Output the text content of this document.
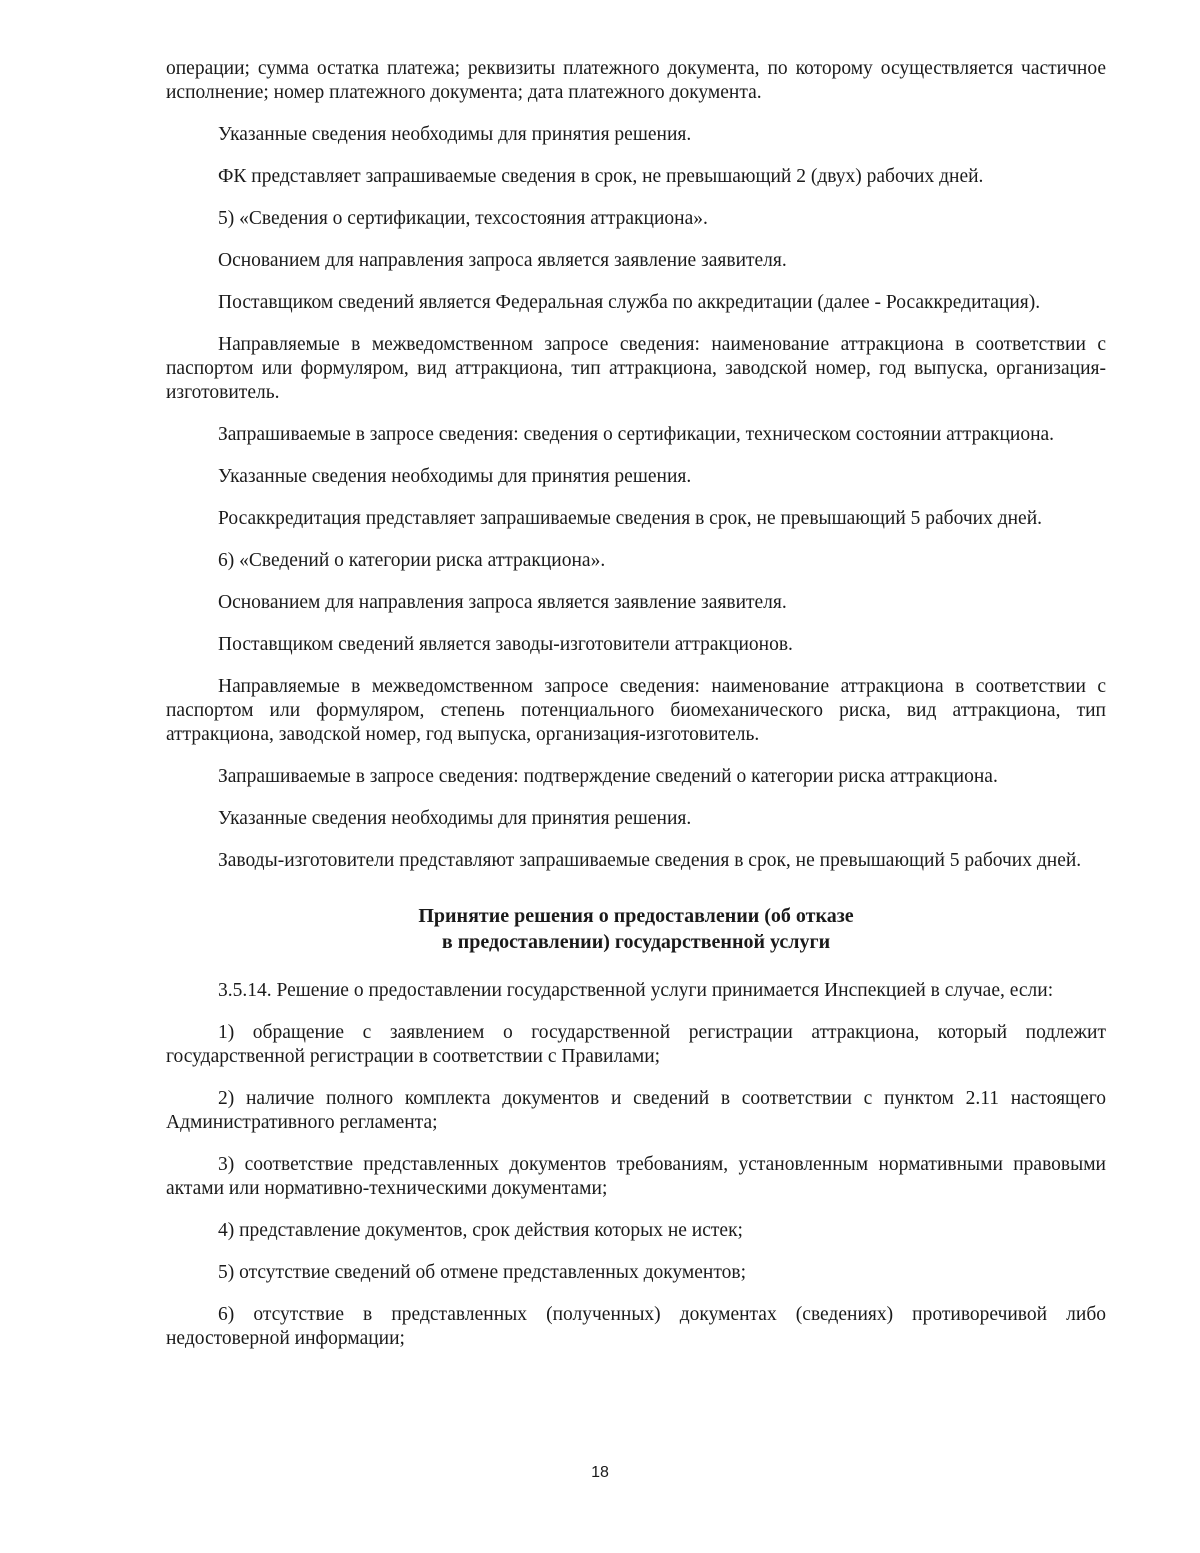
операции; сумма остатка платежа; реквизиты платежного документа, по которому осуществляется частичное исполнение; номер платежного документа; дата платежного документа.

Указанные сведения необходимы для принятия решения.

ФК представляет запрашиваемые сведения в срок, не превышающий 2 (двух) рабочих дней.

5) «Сведения о сертификации, техсостояния аттракциона».

Основанием для направления запроса является заявление заявителя.

Поставщиком сведений является Федеральная служба по аккредитации (далее - Росаккредитация).

Направляемые в межведомственном запросе сведения: наименование аттракциона в соответствии с паспортом или формуляром, вид аттракциона, тип аттракциона, заводской номер, год выпуска, организация-изготовитель.

Запрашиваемые в запросе сведения: сведения о сертификации, техническом состоянии аттракциона.

Указанные сведения необходимы для принятия решения.

Росаккредитация представляет запрашиваемые сведения в срок, не превышающий 5 рабочих дней.

6) «Сведений о категории риска аттракциона».

Основанием для направления запроса является заявление заявителя.

Поставщиком сведений является заводы-изготовители аттракционов.

Направляемые в межведомственном запросе сведения: наименование аттракциона в соответствии с паспортом или формуляром, степень потенциального биомеханического риска, вид аттракциона, тип аттракциона, заводской номер, год выпуска, организация-изготовитель.

Запрашиваемые в запросе сведения: подтверждение сведений о категории риска аттракциона.

Указанные сведения необходимы для принятия решения.

Заводы-изготовители представляют запрашиваемые сведения в срок, не превышающий 5 рабочих дней.

Принятие решения о предоставлении (об отказе
в предоставлении) государственной услуги

3.5.14. Решение о предоставлении государственной услуги принимается Инспекцией в случае, если:

1) обращение с заявлением о государственной регистрации аттракциона, который подлежит государственной регистрации в соответствии с Правилами;

2) наличие полного комплекта документов и сведений в соответствии с пунктом 2.11 настоящего Административного регламента;

3) соответствие представленных документов требованиям, установленным нормативными правовыми актами или нормативно-техническими документами;

4) представление документов, срок действия которых не истек;

5) отсутствие сведений об отмене представленных документов;

6) отсутствие в представленных (полученных) документах (сведениях) противоречивой либо недостоверной информации;

18
